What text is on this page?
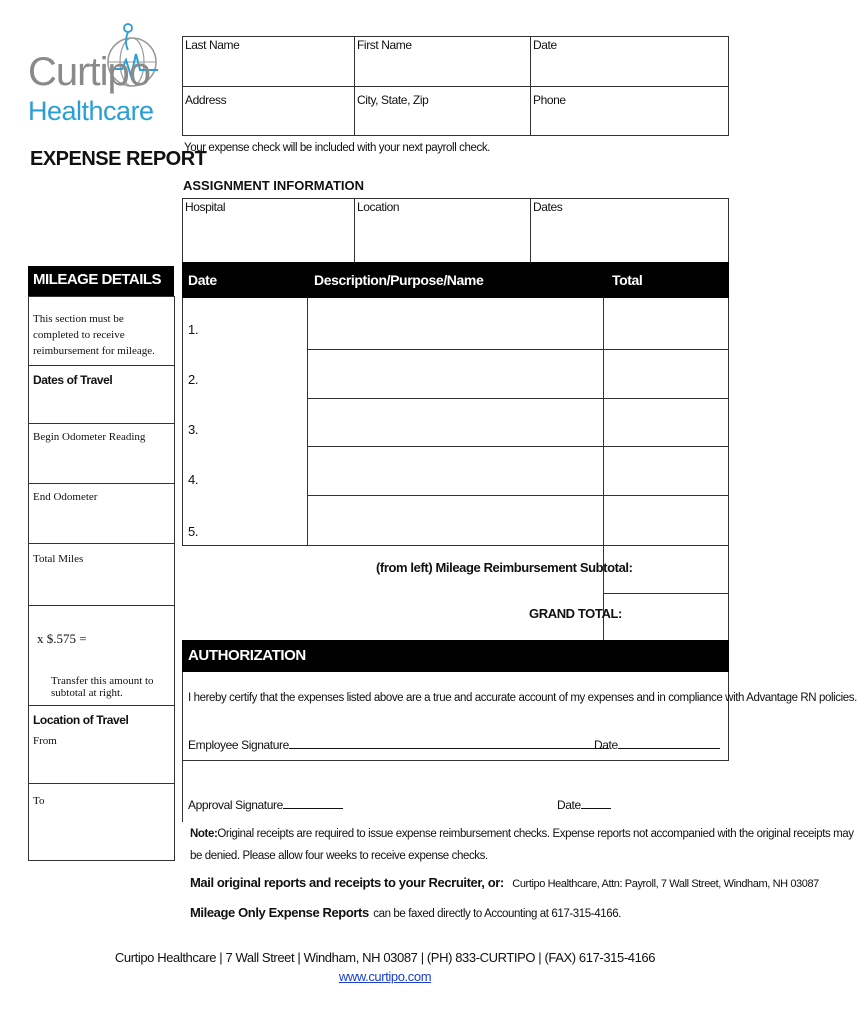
Curtipo
Healthcare
EXPENSE REPORT
Last Name	First Name	Date
Address	City, State, Zip	Phone
Your expense check will be included with your next payroll check.
ASSIGNMENT INFORMATION
Hospital	Location	Dates
MILEAGE DETAILS
This section must be completed to receive reimbursement for mileage.
Dates of Travel
Begin Odometer Reading
End Odometer
Total Miles
x $.575 =
Transfer this amount to subtotal at right.
Location of Travel
From
To
Date	Description/Purpose/Name	Total
1.
2.
3.
4.
5.
(from left) Mileage Reimbursement Subtotal:
GRAND TOTAL:
AUTHORIZATION
I hereby certify that the expenses listed above are a true and accurate account of my expenses and in compliance with Advantage RN policies.
Employee Signature	Date
Approval Signature	Date
Note:Original receipts are required to issue expense reimbursement checks. Expense reports not accompanied with the original receipts may
be denied. Please allow four weeks to receive expense checks.
Mail original reports and receipts to your Recruiter, or: Curtipo Healthcare, Attn: Payroll, 7 Wall Street, Windham, NH 03087
Mileage Only Expense Reports can be faxed directly to Accounting at 617-315-4166.
Curtipo Healthcare | 7 Wall Street | Windham, NH 03087 | (PH) 833-CURTIPO | (FAX) 617-315-4166
www.curtipo.com
